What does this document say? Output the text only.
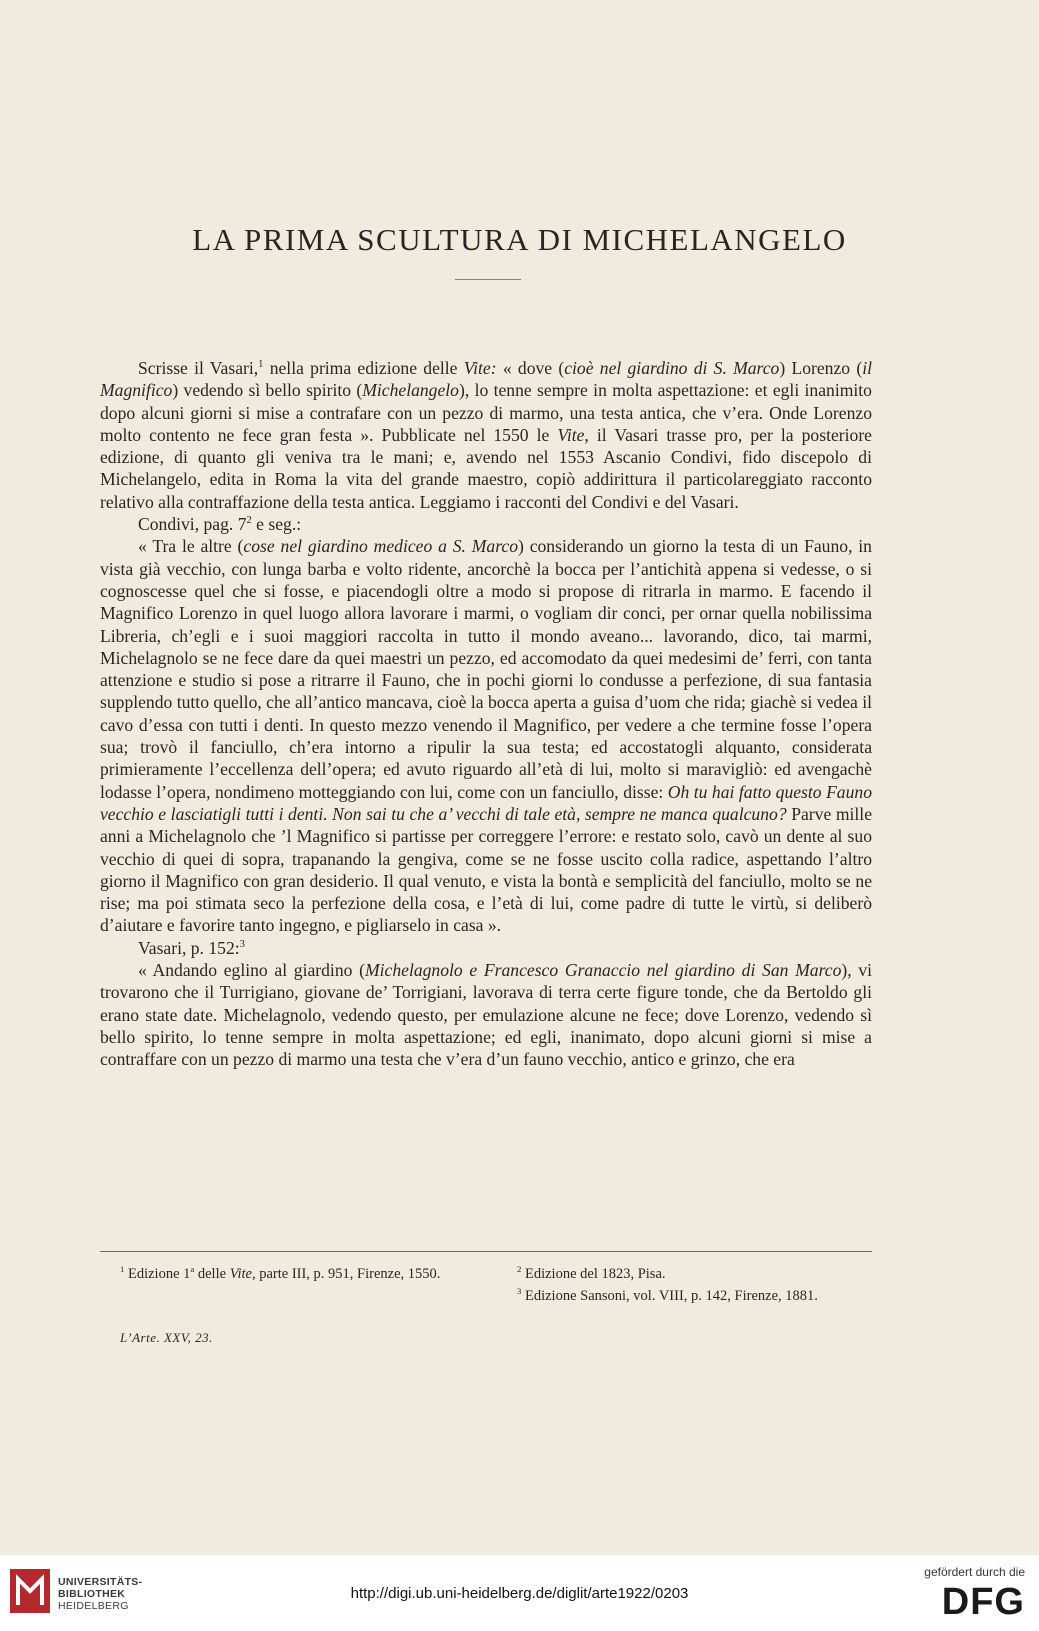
LA PRIMA SCULTURA DI MICHELANGELO

Scrisse il Vasari,$^1$ nella prima edizione delle Vite: « dove (cioè nel giardino di S. Marco) Lorenzo (il Magnifico) vedendo sì bello spirito (Michelangelo), lo tenne sempre in molta aspettazione: et egli inanimito dopo alcuni giorni si mise a contrafare con un pezzo di marmo, una testa antica, che v’era. Onde Lorenzo molto contento ne fece gran festa ». Pubblicate nel 1550 le Vite, il Vasari trasse pro, per la posteriore edizione, di quanto gli veniva tra le mani; e, avendo nel 1553 Ascanio Condivi, fido discepolo di Michelangelo, edita in Roma la vita del grande maestro, copiò addirittura il particolareggiato racconto relativo alla contraffazione della testa antica. Leggiamo i racconti del Condivi e del Vasari.

Condivi, pag. $7^2$ e seg.:

« Tra le altre (cose nel giardino mediceo a S. Marco) considerando un giorno la testa di un Fauno, in vista già vecchio, con lunga barba e volto ridente, ancorchè la bocca per l’antichità appena si vedesse, o si cognoscesse quel che si fosse, e piacendogli oltre a modo si propose di ritrarla in marmo. E facendo il Magnifico Lorenzo in quel luogo allora lavorare i marmi, o vogliam dir conci, per ornar quella nobilissima Libreria, ch’egli e i suoi maggiori raccolta in tutto il mondo aveano... lavorando, dico, tai marmi, Michelagnolo se ne fece dare da quei maestri un pezzo, ed accomodato da quei medesimi de’ ferri, con tanta attenzione e studio si pose a ritrarre il Fauno, che in pochi giorni lo condusse a perfezione, di sua fantasia supplendo tutto quello, che all’antico mancava, cioè la bocca aperta a guisa d’uom che rida; giachè si vedea il cavo d’essa con tutti i denti. In questo mezzo venendo il Magnifico, per vedere a che termine fosse l’opera sua; trovò il fanciullo, ch’era intorno a ripulir la sua testa; ed accostatogli alquanto, considerata primieramente l’eccellenza dell’opera; ed avuto riguardo all’età di lui, molto si maravigliò: ed avengachè lodasse l’opera, nondimeno motteggiando con lui, come con un fanciullo, disse: Oh tu hai fatto questo Fauno vecchio e lasciatigli tutti i denti. Non sai tu che a’ vecchi di tale età, sempre ne manca qualcuno? Parve mille anni a Michelagnolo che ’l Magnifico si partisse per correggere l’errore: e restato solo, cavò un dente al suo vecchio di quei di sopra, trapanando la gengiva, come se ne fosse uscito colla radice, aspettando l’altro giorno il Magnifico con gran desiderio. Il qual venuto, e vista la bontà e semplicità del fanciullo, molto se ne rise; ma poi stimata seco la perfezione della cosa, e l’età di lui, come padre di tutte le virtù, si deliberò d’aiutare e favorire tanto ingegno, e pigliarselo in casa ».

Vasari, p. 152:$^3$

« Andando eglino al giardino (Michelagnolo e Francesco Granaccio nel giardino di San Marco), vi trovarono che il Turrigiano, giovane de’ Torrigiani, lavorava di terra certe figure tonde, che da Bertoldo gli erano state date. Michelagnolo, vedendo questo, per emulazione alcune ne fece; dove Lorenzo, vedendo sì bello spirito, lo tenne sempre in molta aspettazione; ed egli, inanimato, dopo alcuni giorni si mise a contraffare con un pezzo di marmo una testa che v’era d’un fauno vecchio, antico e grinzo, che era

$^1$ Edizione 1$^a$ delle Vite, parte III, p. 951, Firenze, 1550.	$^2$ Edizione del 1823, Pisa.
$^3$ Edizione Sansoni, vol. VIII, p. 142, Firenze, 1881.
L’Arte. XXV, 23.
UNIVERSITÄTS-
BIBLIOTHEK
HEIDELBERG
http://digi.ub.uni-heidelberg.de/diglit/arte1922/0203
gefördert durch die
DFG
